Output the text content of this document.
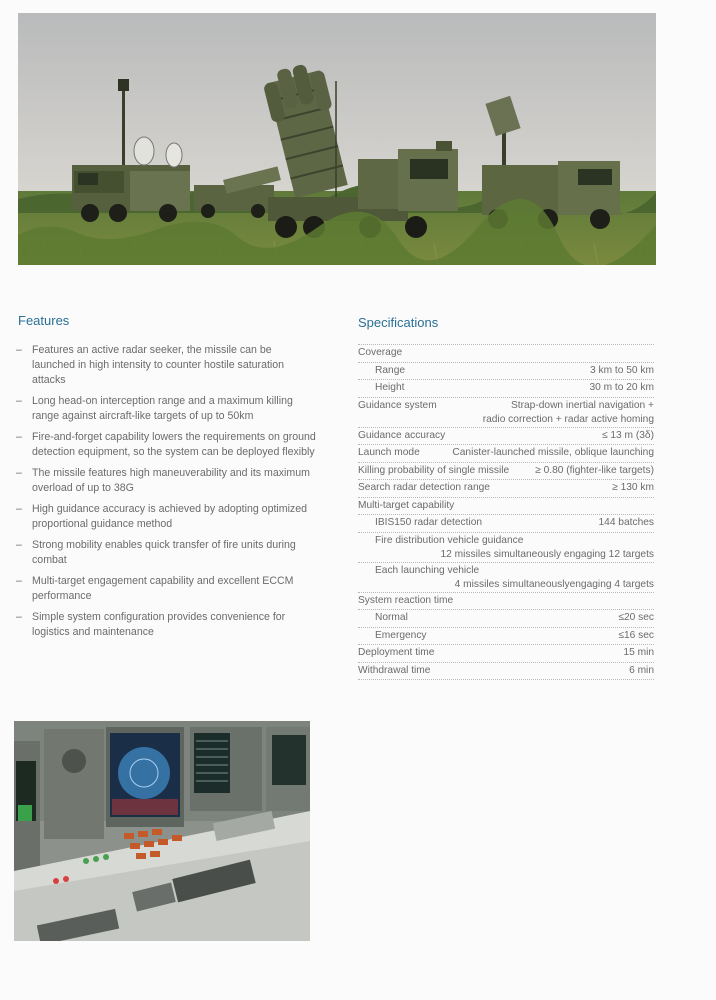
Features	Specifications
– Features an active radar seeker, the missile can be launched in high intensity to counter hostile saturation attacks
– Long head-on interception range and a maximum killing range against aircraft-like targets of up to 50km
– Fire-and-forget capability lowers the requirements on ground detection equipment, so the system can be deployed flexibly
– The missile features high maneuverability and its maximum overload of up to 38G
– High guidance accuracy is achieved by adopting optimized proportional guidance method
– Strong mobility enables quick transfer of fire units during combat
– Multi-target engagement capability and excellent ECCM performance
– Simple system configuration provides convenience for logistics and maintenance
Coverage
Range	3 km to 50 km
Height	30 m to 20 km
Guidance system	Strap-down inertial navigation +
radio correction + radar active homing
Guidance accuracy	≤ 13 m (3δ)
Launch mode	Canister-launched missile, oblique launching
Killing probability of single missile	≥ 0.80 (fighter-like targets)
Search radar detection range	≥ 130 km
Multi-target capability
IBIS150 radar detection	144 batches
Fire distribution vehicle guidance
12 missiles simultaneously engaging 12 targets
Each launching vehicle
4 missiles simultaneouslyengaging 4 targets
System reaction time
Normal	≤20 sec
Emergency	≤16 sec
Deployment time	15 min
Withdrawal time	6 min
